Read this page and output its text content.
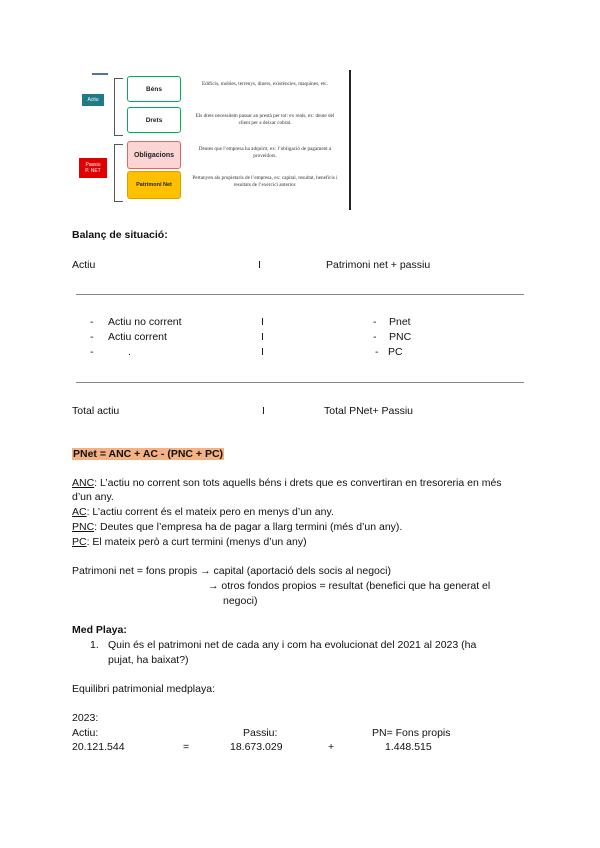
Actiu
Passiu
P. NET
Béns
Drets
Obligacions
Patrimoni Net
Edificis, mobles, terrenys, diners, existències, maquines, etc.
Els drets necessitem passar an prestà per tot: ex reals, ex: deute del client per a deixar cobrat.
Deutes que l’empresa ha adquirit, ex: l’obligació de pagament a proveïdors.
Pertanyen als propietaris de l’empresa, ex: capital, resultat, beneficis i resultats de l’exercici anterior.
Balanç de situació:
Actiu	I	Patrimoni net + passiu
- Actiu no corrent	I	- Pnet
- Actiu corrent	I	- PNC
-	.	I	- PC
Total actiu	I	Total PNet+ Passiu
PNet = ANC + AC - (PNC + PC)
ANC: L’actiu no corrent son tots aquells béns i drets que es convertiran en tresoreria en més
d’un any.
AC: L’actiu corrent és el mateix pero en menys d’un any.
PNC: Deutes que l’empresa ha de pagar a llarg termini (més d’un any).
PC: El mateix però a curt termini (menys d’un any)
Patrimoni net = fons propis → capital (aportació dels socis al negoci)
→ otros fondos propios = resultat (benefici que ha generat el
negoci)
Med Playa:
1. Quin és el patrimoni net de cada any i com ha evolucionat del 2021 al 2023 (ha
pujat, ha baixat?)
Equilibri patrimonial medplaya:
2023:
Actiu:	Passiu:	PN= Fons propis
20.121.544	=	18.673.029	+	1.448.515
